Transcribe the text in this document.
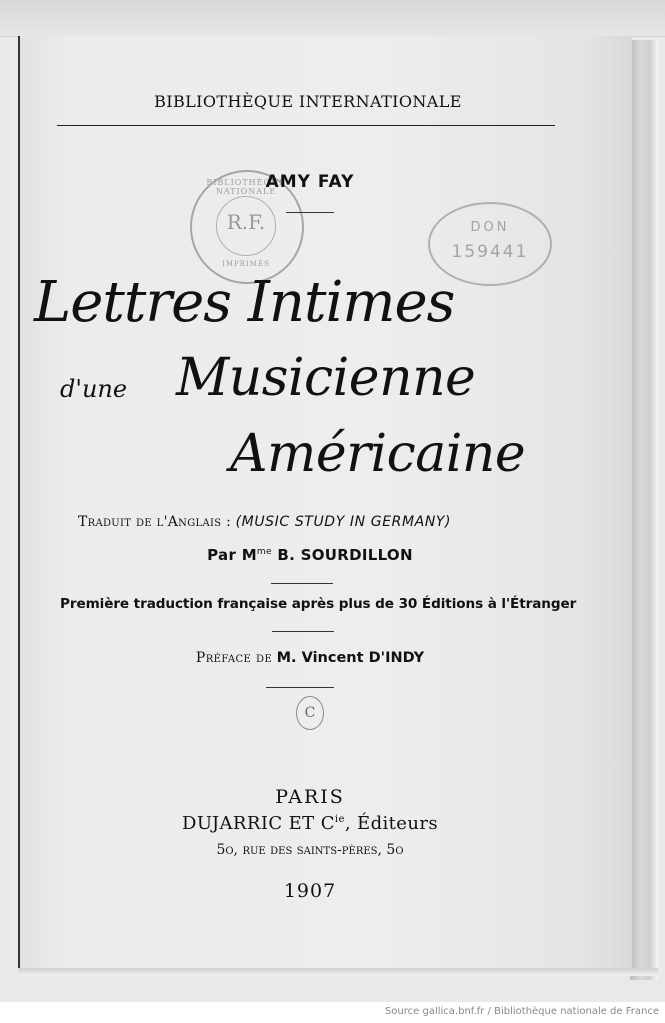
BIBLIOTHÈQUE INTERNATIONALE
BIBLIOTHÈQUE NATIONALE
R.F.
IMPRIMÉS
DON
159441
AMY FAY
Lettres Intimes
d'une Musicienne
Américaine
Traduit de l'Anglais : (MUSIC STUDY IN GERMANY)
Par $M^{me}$ B. SOURDILLON
Première traduction française après plus de 30 Éditions à l'Étranger
Préface de M. Vincent D'INDY
C
PARIS
DUJARRIC ET $C^{ie}$, Éditeurs
5o, rue des saints-pères, 5o
1907
Source gallica.bnf.fr / Bibliothèque nationale de France
